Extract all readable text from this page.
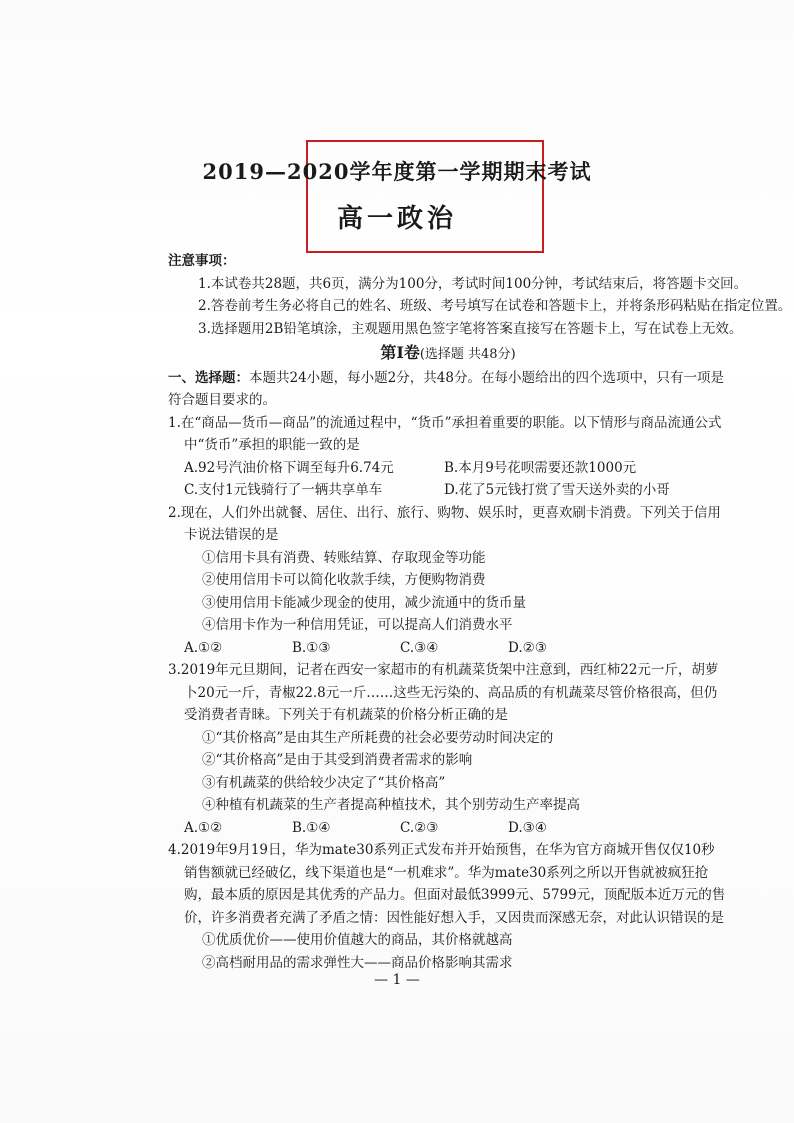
2019—2020学年度第一学期期末考试
高一政治
注意事项：
1.本试卷共28题，共6页，满分为100分，考试时间100分钟，考试结束后，将答题卡交回。
2.答卷前考生务必将自己的姓名、班级、考号填写在试卷和答题卡上，并将条形码粘贴在指定位置。
3.选择题用2B铅笔填涂，主观题用黑色签字笔将答案直接写在答题卡上，写在试卷上无效。
第Ⅰ卷(选择题 共48分)
一、选择题：本题共24小题，每小题2分，共48分。在每小题给出的四个选项中，只有一项是符合题目要求的。
1.在“商品—货币—商品”的流通过程中，“货币”承担着重要的职能。以下情形与商品流通公式中“货币”承担的职能一致的是
A.92号汽油价格下调至每升6.74元	B.本月9号花呗需要还款1000元
C.支付1元钱骑行了一辆共享单车	D.花了5元钱打赏了雪天送外卖的小哥
2.现在，人们外出就餐、居住、出行、旅行、购物、娱乐时，更喜欢刷卡消费。下列关于信用卡说法错误的是
①信用卡具有消费、转账结算、存取现金等功能
②使用信用卡可以简化收款手续，方便购物消费
③使用信用卡能减少现金的使用，减少流通中的货币量
④信用卡作为一种信用凭证，可以提高人们消费水平
A.①②	B.①③	C.③④	D.②③
3.2019年元旦期间，记者在西安一家超市的有机蔬菜货架中注意到，西红柿22元一斤，胡萝卜20元一斤，青椒22.8元一斤……这些无污染的、高品质的有机蔬菜尽管价格很高，但仍受消费者青睐。下列关于有机蔬菜的价格分析正确的是
①“其价格高”是由其生产所耗费的社会必要劳动时间决定的
②“其价格高”是由于其受到消费者需求的影响
③有机蔬菜的供给较少决定了“其价格高”
④种植有机蔬菜的生产者提高种植技术，其个别劳动生产率提高
A.①②	B.①④	C.②③	D.③④
4.2019年9月19日，华为mate30系列正式发布并开始预售，在华为官方商城开售仅仅10秒销售额就已经破亿，线下渠道也是“一机难求”。华为mate30系列之所以开售就被疯狂抢购，最本质的原因是其优秀的产品力。但面对最低3999元、5799元，顶配版本近万元的售价，许多消费者充满了矛盾之情：因性能好想入手，又因贵而深感无奈，对此认识错误的是
①优质优价——使用价值越大的商品，其价格就越高
②高档耐用品的需求弹性大——商品价格影响其需求
— 1 —
